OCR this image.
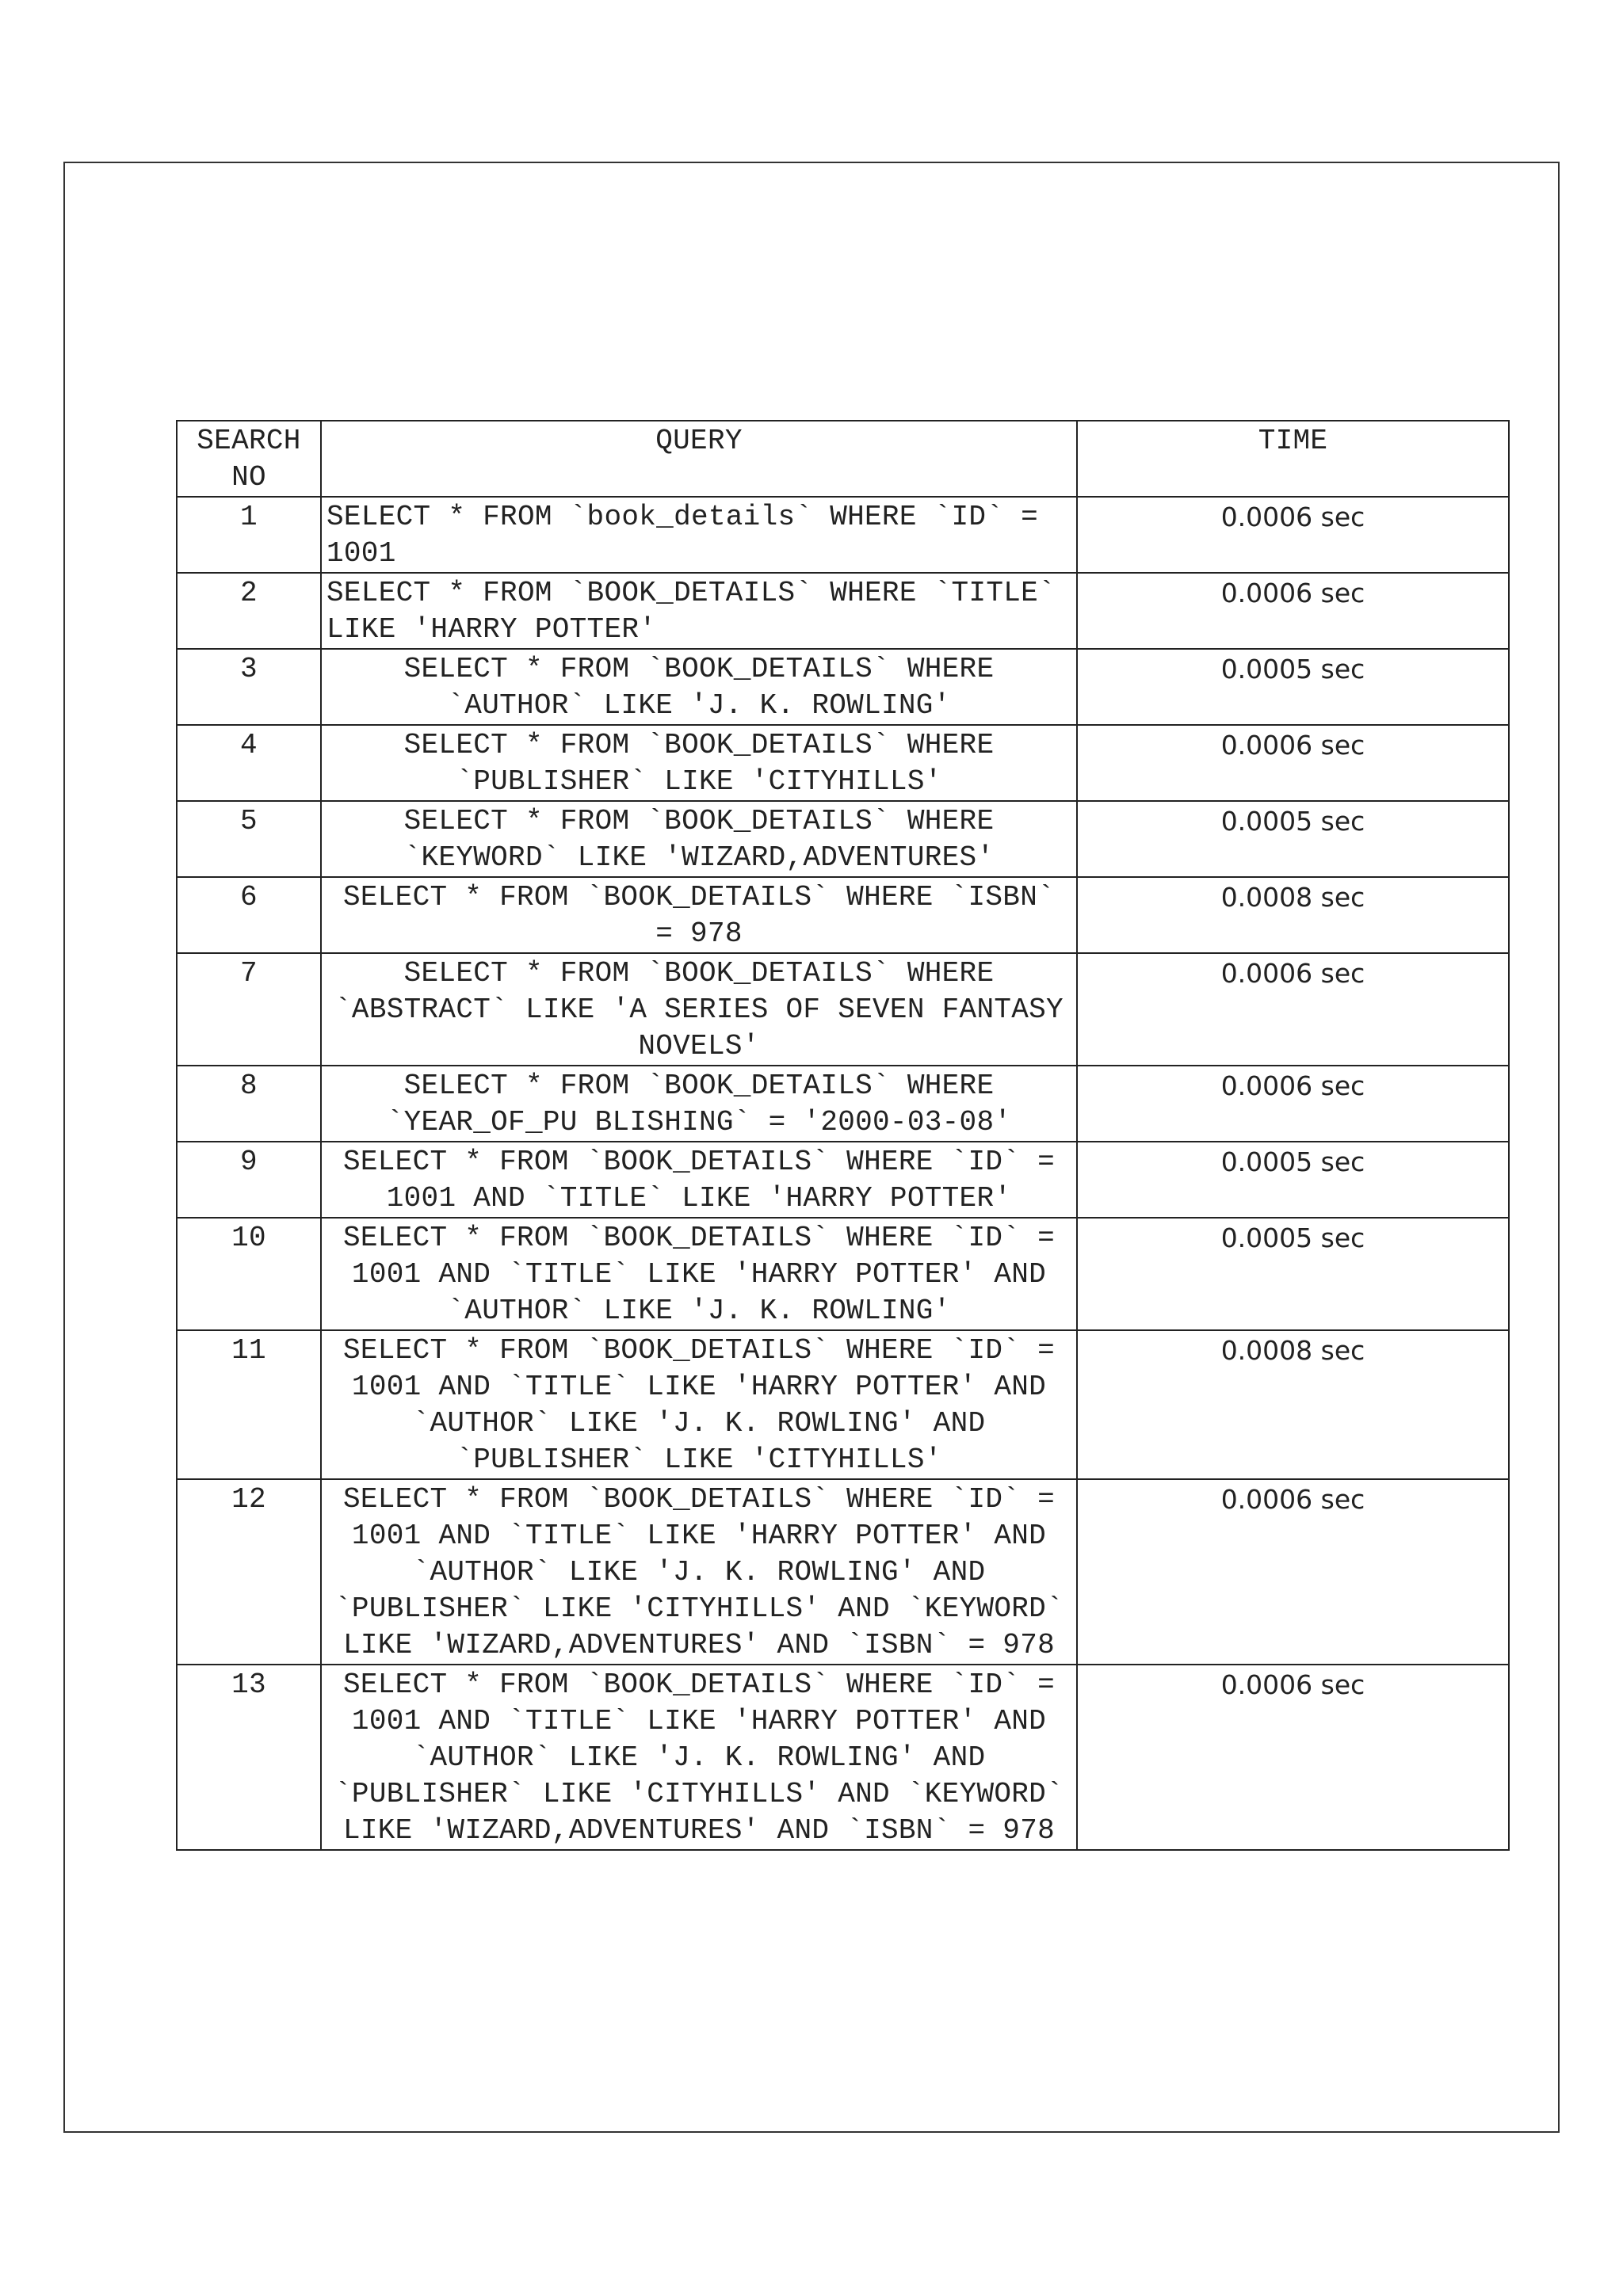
SEARCH NO	QUERY	TIME
1	SELECT * FROM `book_details` WHERE `ID` = 1001	0.0006 sec
2	SELECT * FROM `BOOK_DETAILS` WHERE `TITLE` LIKE 'HARRY POTTER'	0.0006 sec
3	SELECT * FROM `BOOK_DETAILS` WHERE `AUTHOR` LIKE 'J. K. ROWLING'	0.0005 sec
4	SELECT * FROM `BOOK_DETAILS` WHERE `PUBLISHER` LIKE 'CITYHILLS'	0.0006 sec
5	SELECT * FROM `BOOK_DETAILS` WHERE `KEYWORD` LIKE 'WIZARD,ADVENTURES'	0.0005 sec
6	SELECT * FROM `BOOK_DETAILS` WHERE `ISBN` = 978	0.0008 sec
7	SELECT * FROM `BOOK_DETAILS` WHERE `ABSTRACT` LIKE 'A SERIES OF SEVEN FANTASY NOVELS'	0.0006 sec
8	SELECT * FROM `BOOK_DETAILS` WHERE `YEAR_OF_PU BLISHING` = '2000-03-08'	0.0006 sec
9	SELECT * FROM `BOOK_DETAILS` WHERE `ID` = 1001 AND `TITLE` LIKE 'HARRY POTTER'	0.0005 sec
10	SELECT * FROM `BOOK_DETAILS` WHERE `ID` = 1001 AND `TITLE` LIKE 'HARRY POTTER' AND `AUTHOR` LIKE 'J. K. ROWLING'	0.0005 sec
11	SELECT * FROM `BOOK_DETAILS` WHERE `ID` = 1001 AND `TITLE` LIKE 'HARRY POTTER' AND `AUTHOR` LIKE 'J. K. ROWLING' AND `PUBLISHER` LIKE 'CITYHILLS'	0.0008 sec
12	SELECT * FROM `BOOK_DETAILS` WHERE `ID` = 1001 AND `TITLE` LIKE 'HARRY POTTER' AND `AUTHOR` LIKE 'J. K. ROWLING' AND `PUBLISHER` LIKE 'CITYHILLS' AND `KEYWORD` LIKE 'WIZARD,ADVENTURES' AND `ISBN` = 978	0.0006 sec
13	SELECT * FROM `BOOK_DETAILS` WHERE `ID` = 1001 AND `TITLE` LIKE 'HARRY POTTER' AND `AUTHOR` LIKE 'J. K. ROWLING' AND `PUBLISHER` LIKE 'CITYHILLS' AND `KEYWORD` LIKE 'WIZARD,ADVENTURES' AND `ISBN` = 978	0.0006 sec
